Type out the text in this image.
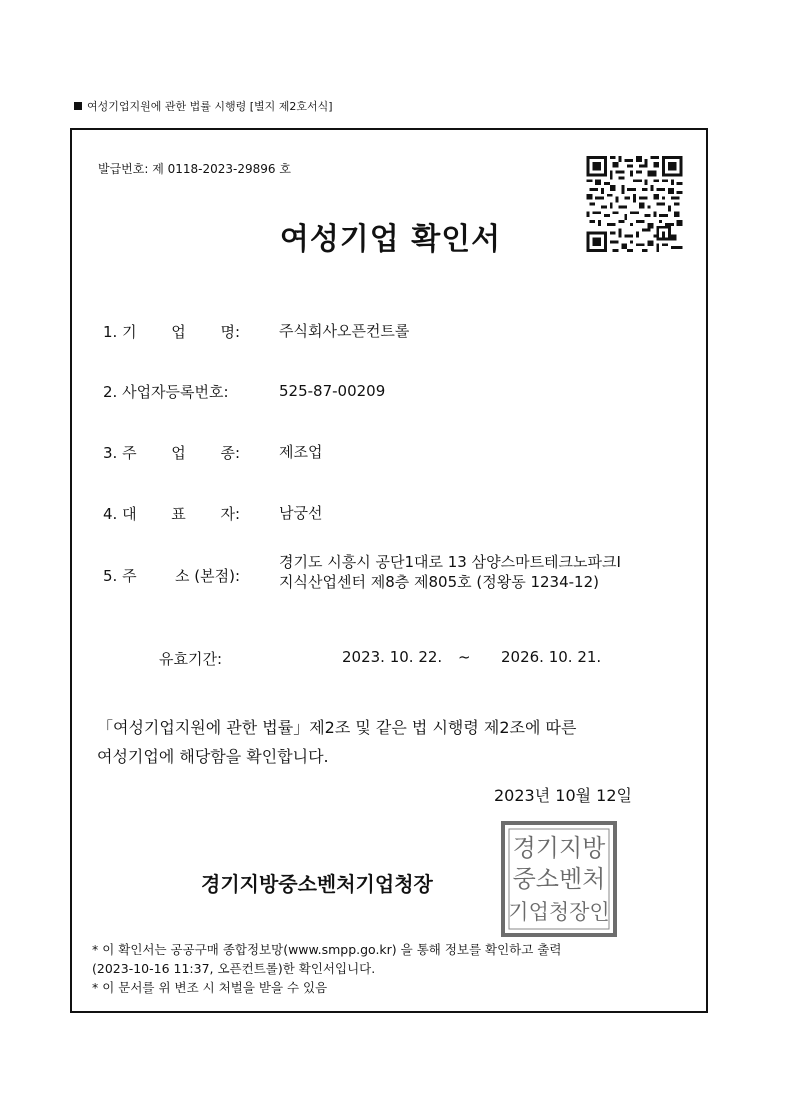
여성기업지원에 관한 법률 시행령 [별지 제2호서식]
발급번호: 제 0118-2023-29896 호
여성기업 확인서
1. 기 업 명:	주식회사오픈컨트롤
2. 사업자등록번호:	525-87-00209
3. 주 업 종:	제조업
4. 대 표 자:	남궁선
5. 주	소 (본점):
경기도 시흥시 공단1대로 13 삼양스마트테크노파크I
지식산업센터 제8층 제805호 (정왕동 1234-12)
유효기간:	2023. 10. 22. ~ 2026. 10. 21.
「여성기업지원에 관한 법률」제2조 및 같은 법 시행령 제2조에 따른
여성기업에 해당함을 확인합니다.
2023년 10월 12일
경기지방중소벤처기업청장
경기지방
중소벤처
기업청장인
* 이 확인서는 공공구매 종합정보망(www.smpp.go.kr) 을 통해 정보를 확인하고 출력
(2023-10-16 11:37, 오픈컨트롤)한 확인서입니다.
* 이 문서를 위 변조 시 처벌을 받을 수 있음
